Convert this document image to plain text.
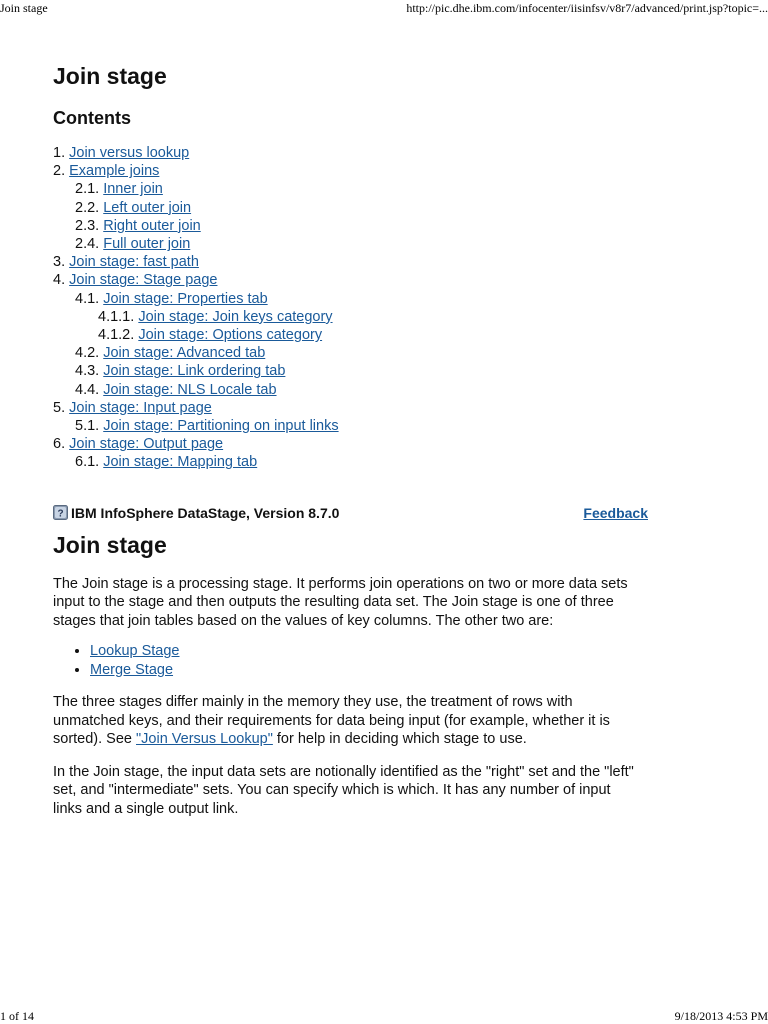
Join stage	http://pic.dhe.ibm.com/infocenter/iisinfsv/v8r7/advanced/print.jsp?topic=...
Join stage
Contents
1. Join versus lookup
2. Example joins
2.1. Inner join
2.2. Left outer join
2.3. Right outer join
2.4. Full outer join
3. Join stage: fast path
4. Join stage: Stage page
4.1. Join stage: Properties tab
4.1.1. Join stage: Join keys category
4.1.2. Join stage: Options category
4.2. Join stage: Advanced tab
4.3. Join stage: Link ordering tab
4.4. Join stage: NLS Locale tab
5. Join stage: Input page
5.1. Join stage: Partitioning on input links
6. Join stage: Output page
6.1. Join stage: Mapping tab
? IBM InfoSphere DataStage, Version 8.7.0	Feedback
Join stage

The Join stage is a processing stage. It performs join operations on two or more data sets input to the stage and then outputs the resulting data set. The Join stage is one of three stages that join tables based on the values of key columns. The other two are:

• Lookup Stage
• Merge Stage

The three stages differ mainly in the memory they use, the treatment of rows with unmatched keys, and their requirements for data being input (for example, whether it is sorted). See "Join Versus Lookup" for help in deciding which stage to use.

In the Join stage, the input data sets are notionally identified as the "right" set and the "left" set, and "intermediate" sets. You can specify which is which. It has any number of input links and a single output link.

1 of 14	9/18/2013 4:53 PM
